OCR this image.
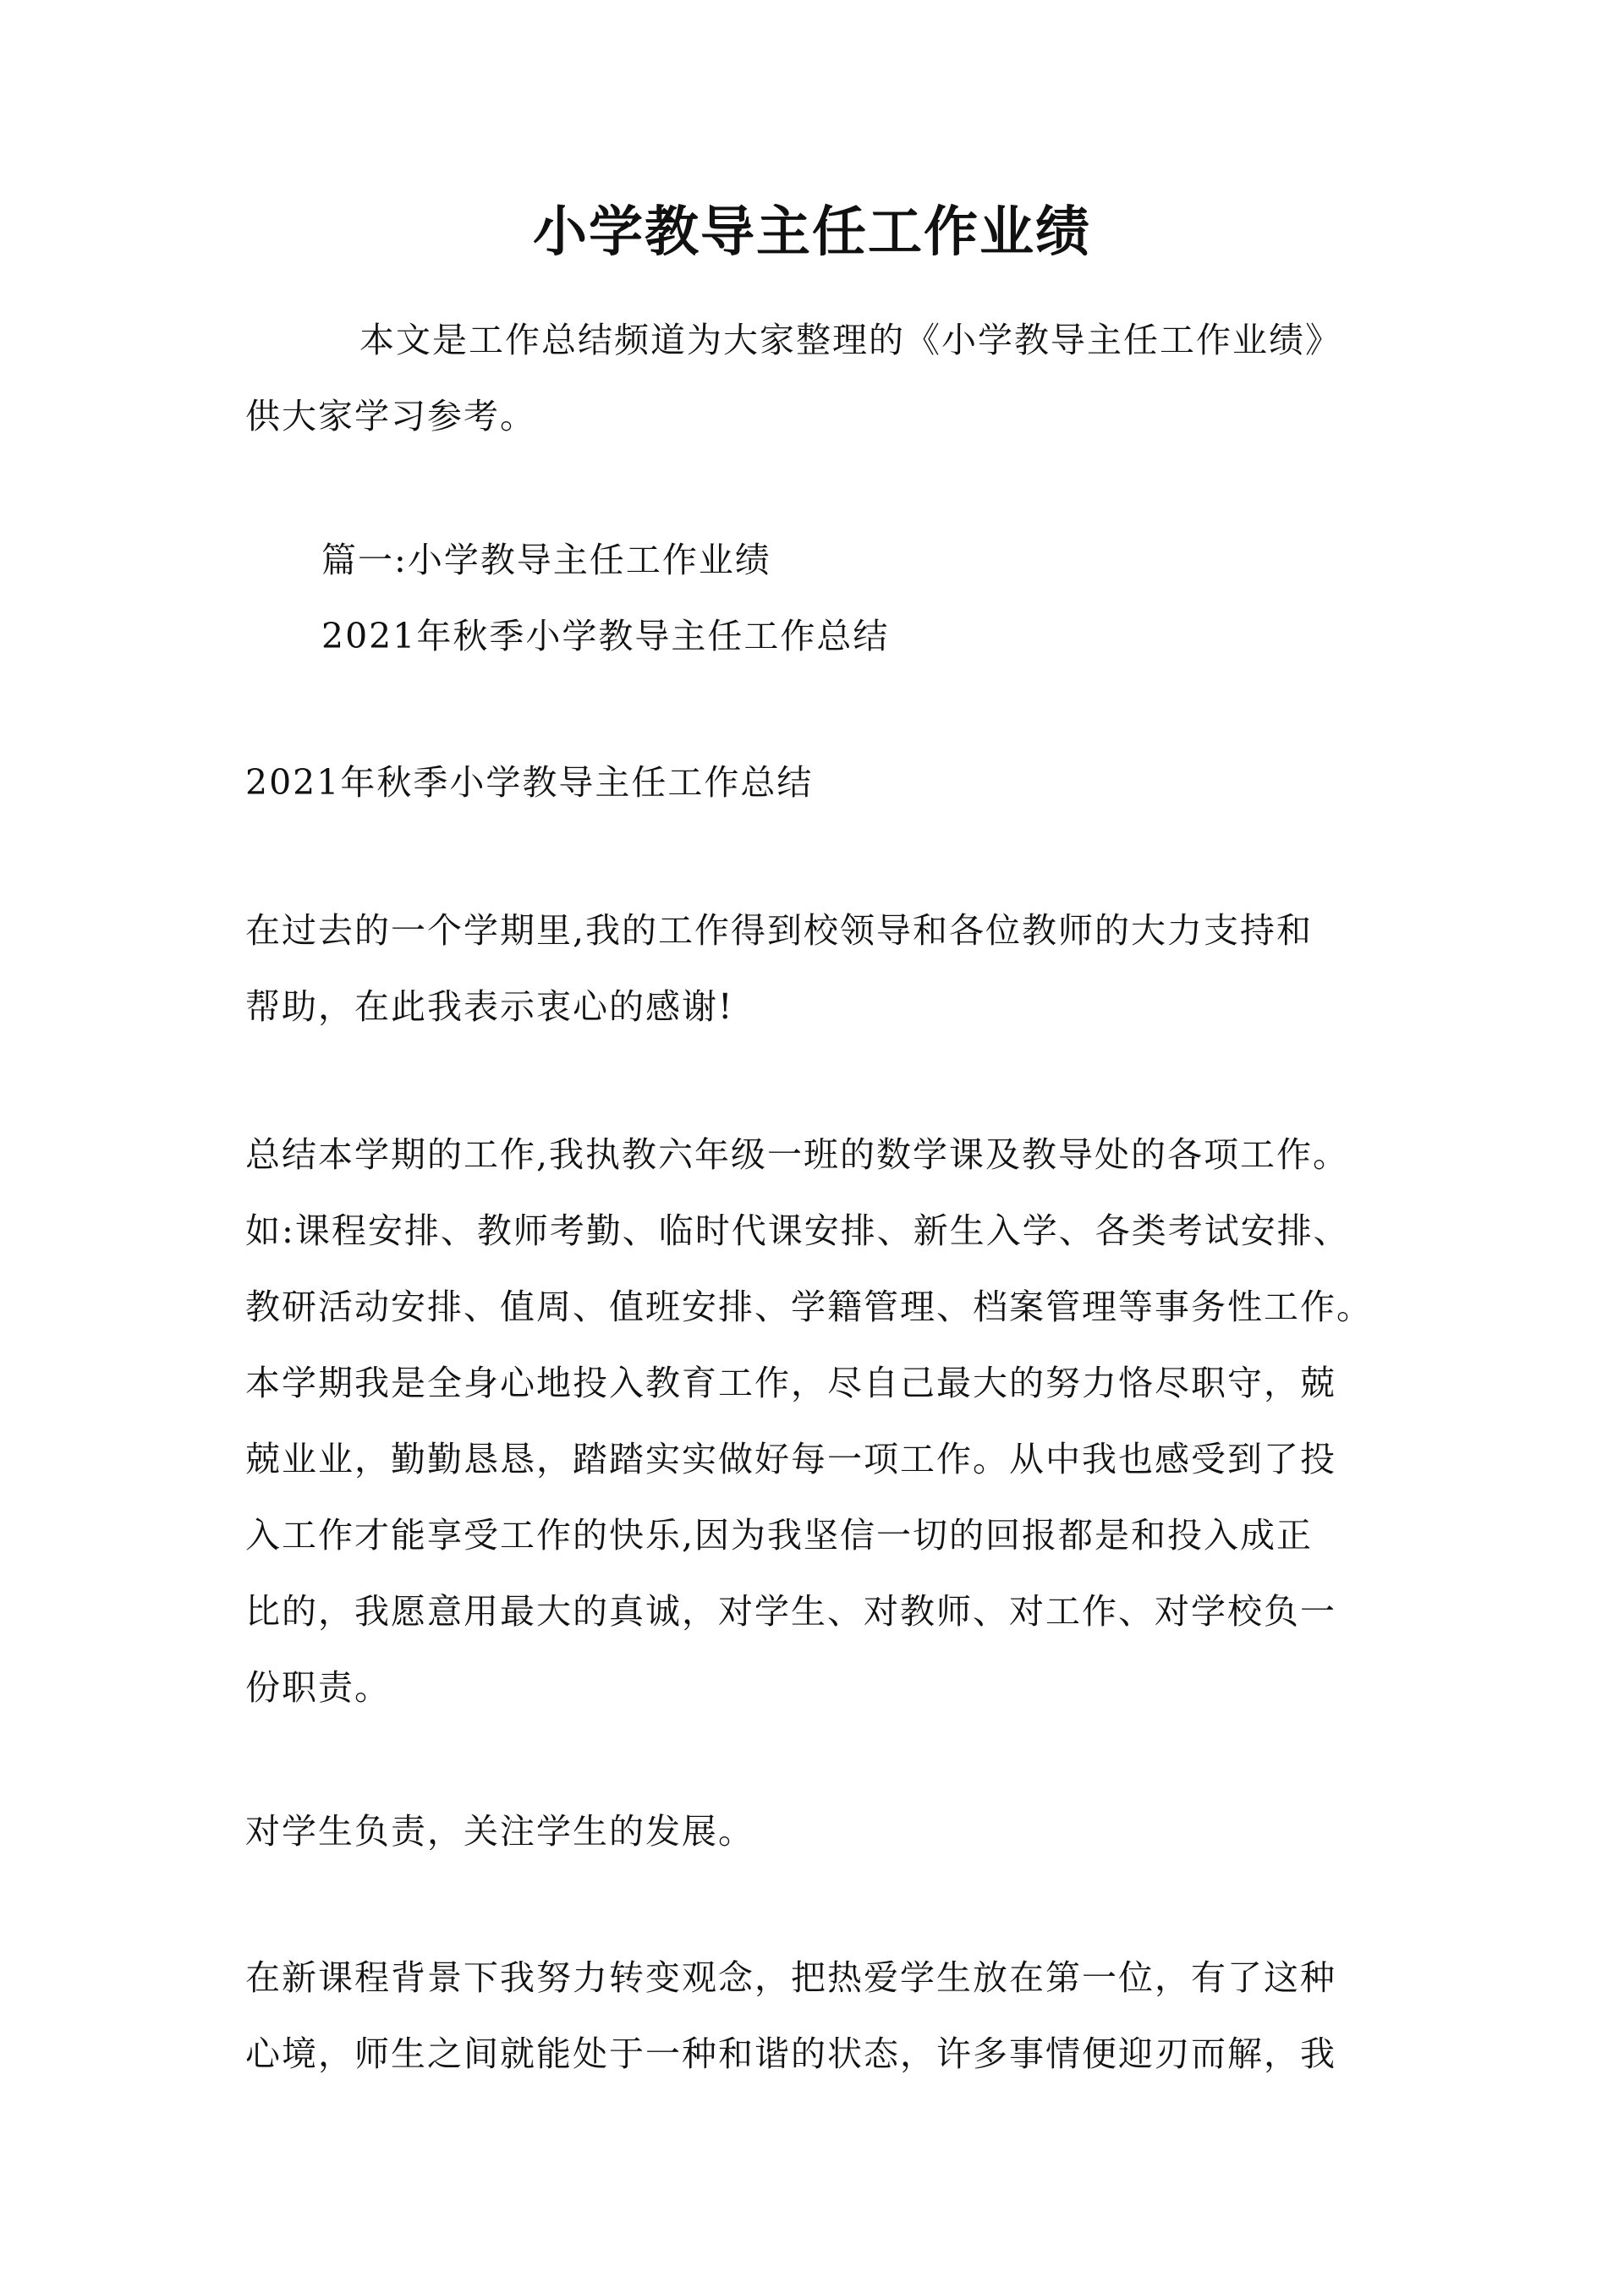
小学教导主任工作业绩
本文是工作总结频道为大家整理的《小学教导主任工作业绩》
供大家学习参考。
篇一:小学教导主任工作业绩
2021年秋季小学教导主任工作总结
2021年秋季小学教导主任工作总结
在过去的一个学期里,我的工作得到校领导和各位教师的大力支持和
帮助，在此我表示衷心的感谢!
总结本学期的工作,我执教六年级一班的数学课及教导处的各项工作。
如:课程安排、教师考勤、临时代课安排、新生入学、各类考试安排、
教研活动安排、值周、值班安排、学籍管理、档案管理等事务性工作。
本学期我是全身心地投入教育工作，尽自己最大的努力恪尽职守，兢
兢业业，勤勤恳恳，踏踏实实做好每一项工作。从中我也感受到了投
入工作才能享受工作的快乐,因为我坚信一切的回报都是和投入成正
比的，我愿意用最大的真诚，对学生、对教师、对工作、对学校负一
份职责。
对学生负责，关注学生的发展。
在新课程背景下我努力转变观念，把热爱学生放在第一位，有了这种
心境，师生之间就能处于一种和谐的状态，许多事情便迎刃而解，我
